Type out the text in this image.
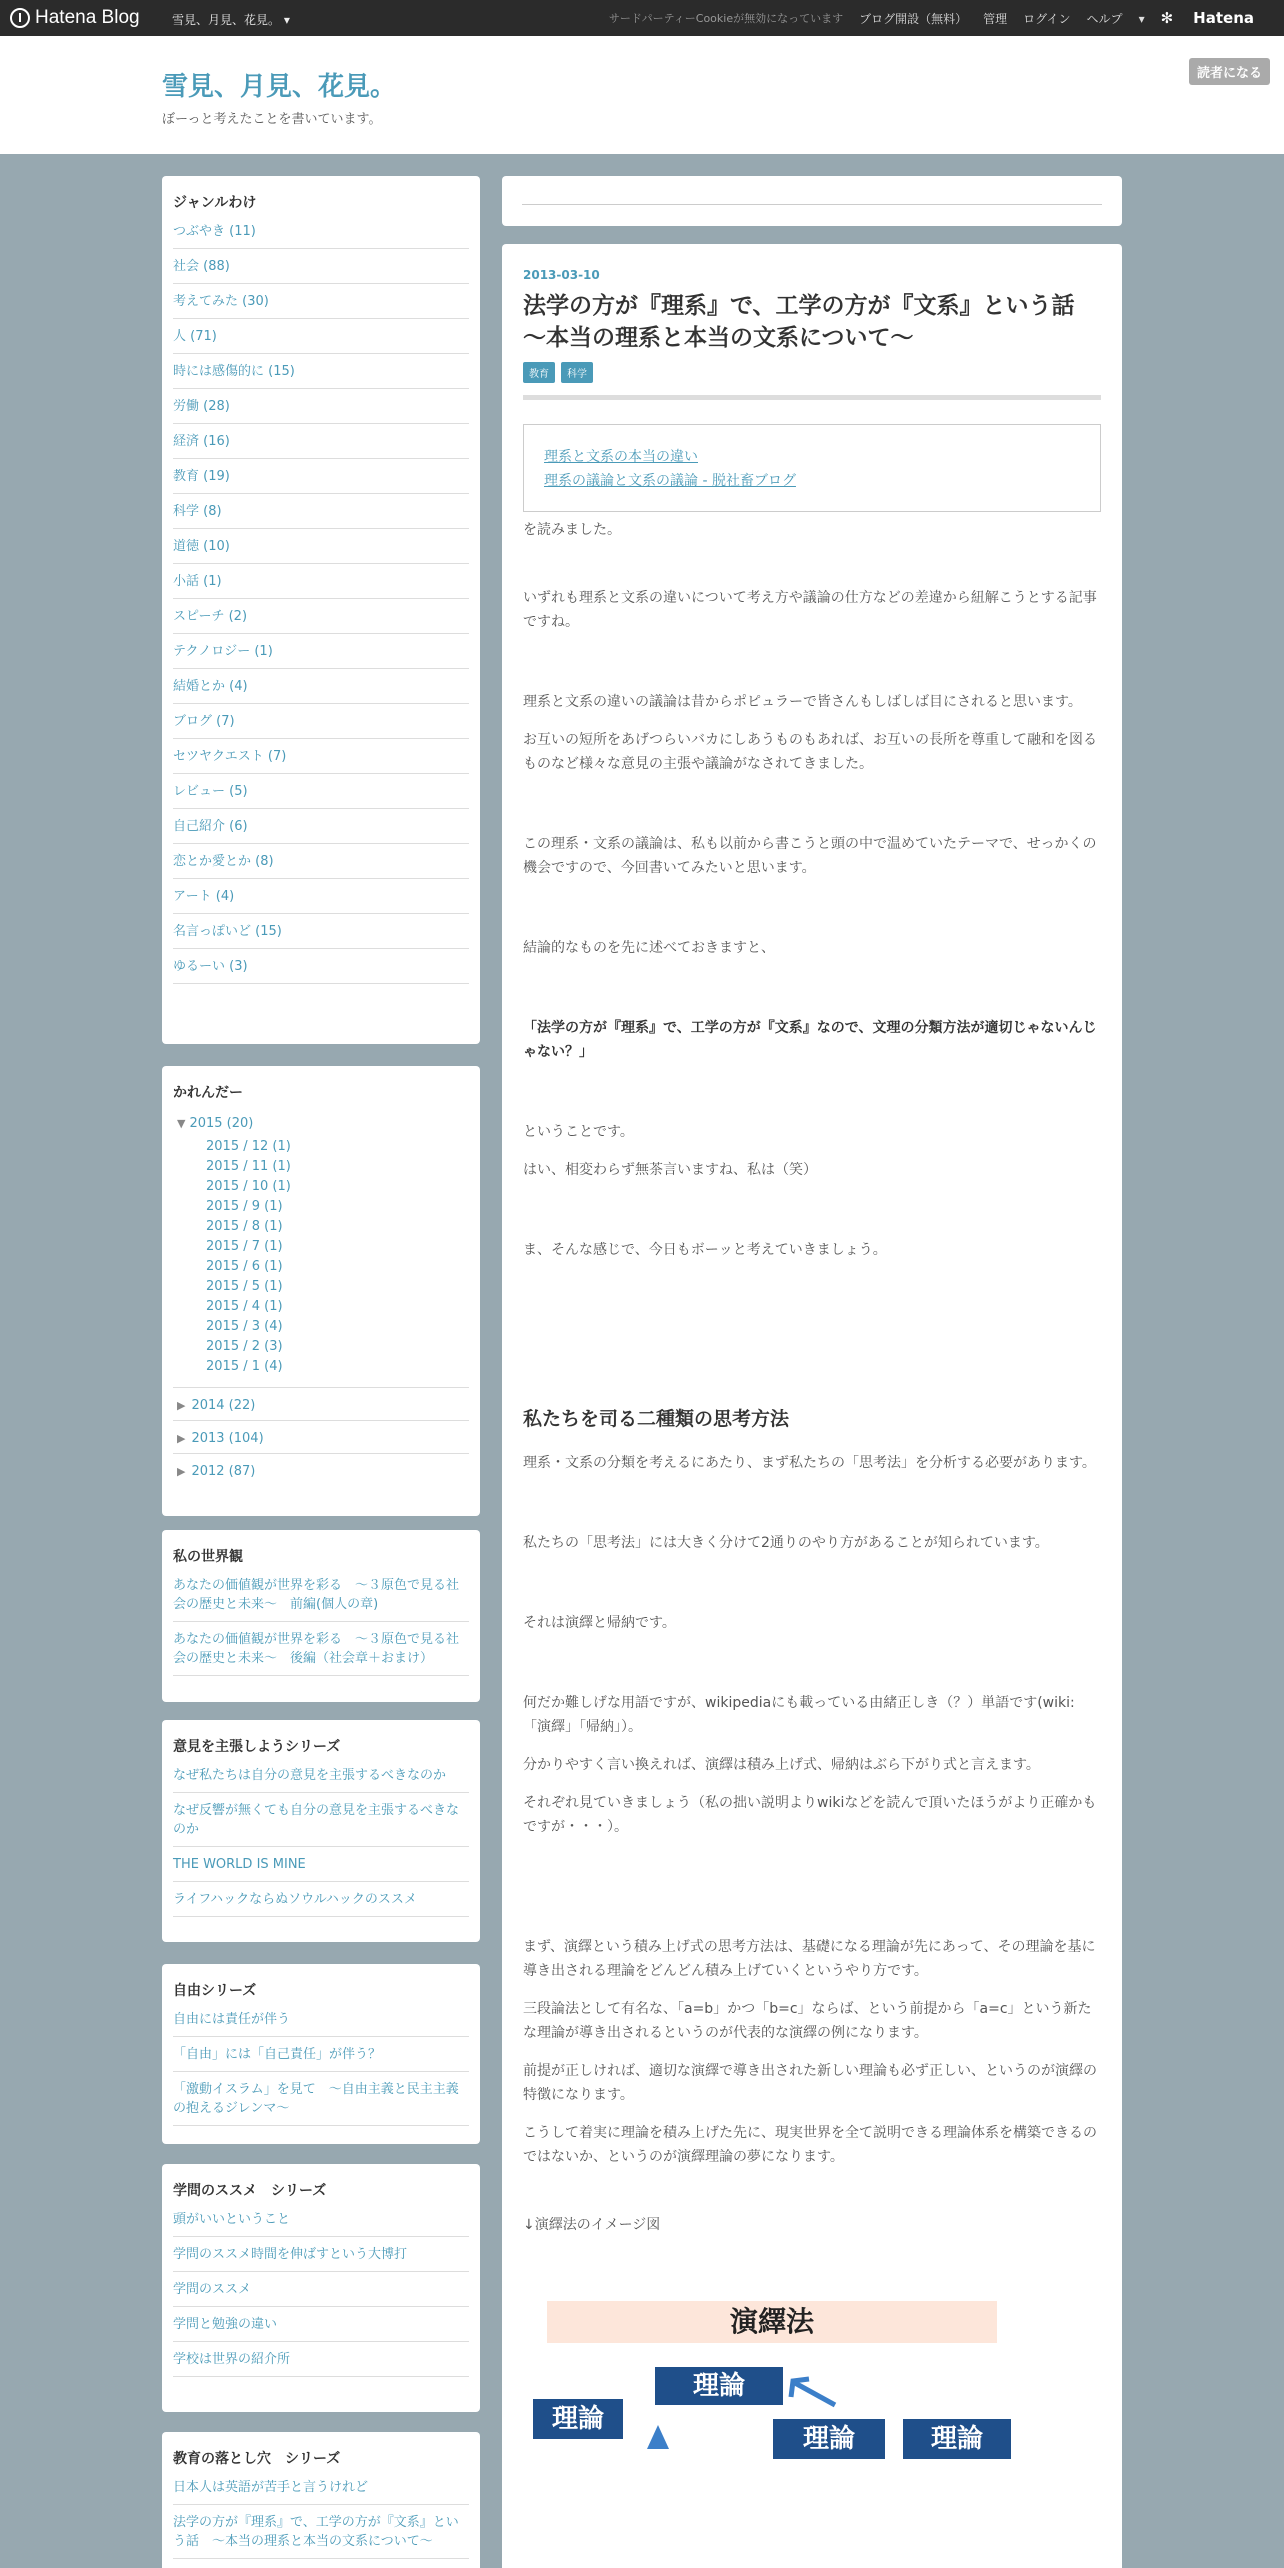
Hatena Blog	雪見、月見、花見。 ▾	サードパーティーCookieが無効になっています ブログ開設（無料） 管理 ログイン ヘルプ ▾ ✻ Hatena
雪見、月見、花見。
ぼーっと考えたことを書いています。
読者になる
ジャンルわけ
つぶやき (11)
社会 (88)
考えてみた (30)
人 (71)
時には感傷的に (15)
労働 (28)
経済 (16)
教育 (19)
科学 (8)
道徳 (10)
小話 (1)
スピーチ (2)
テクノロジー (1)
結婚とか (4)
ブログ (7)
セツヤクエスト (7)
レビュー (5)
自己紹介 (6)
恋とか愛とか (8)
アート (4)
名言っぽいど (15)
ゆるーい (3)
かれんだー
▼ 2015 (20)
2015 / 12 (1)
2015 / 11 (1)
2015 / 10 (1)
2015 / 9 (1)
2015 / 8 (1)
2015 / 7 (1)
2015 / 6 (1)
2015 / 5 (1)
2015 / 4 (1)
2015 / 3 (4)
2015 / 2 (3)
2015 / 1 (4)
▶ 2014 (22)
▶ 2013 (104)
▶ 2012 (87)
私の世界観
あなたの価値観が世界を彩る　～３原色で見る社会の歴史と未来～　前編(個人の章)
あなたの価値観が世界を彩る　～３原色で見る社会の歴史と未来～　後編（社会章＋おまけ）
意見を主張しようシリーズ
なぜ私たちは自分の意見を主張するべきなのか
なぜ反響が無くても自分の意見を主張するべきなのか
THE WORLD IS MINE
ライフハックならぬソウルハックのススメ
自由シリーズ
自由には責任が伴う
「自由」には「自己責任」が伴う？
「激動イスラム」を見て　～自由主義と民主主義の抱えるジレンマ～
学問のススメ　シリーズ
頭がいいということ
学問のススメ時間を伸ばすという大博打
学問のススメ
学問と勉強の違い
学校は世界の紹介所
教育の落とし穴　シリーズ
日本人は英語が苦手と言うけれど
法学の方が『理系』で、工学の方が『文系』という話　～本当の理系と本当の文系について～
2013-03-10
法学の方が『理系』で、工学の方が『文系』という話　～本当の理系と本当の文系について～
教育	科学
理系と文系の本当の違い
理系の議論と文系の議論 - 脱社畜ブログ

を読みました。

いずれも理系と文系の違いについて考え方や議論の仕方などの差違から紐解こうとする記事ですね。

理系と文系の違いの議論は昔からポピュラーで皆さんもしばしば目にされると思います。

お互いの短所をあげつらいバカにしあうものもあれば、お互いの長所を尊重して融和を図るものなど様々な意見の主張や議論がなされてきました。

この理系・文系の議論は、私も以前から書こうと頭の中で温めていたテーマで、せっかくの機会ですので、今回書いてみたいと思います。

結論的なものを先に述べておきますと、

「法学の方が『理系』で、工学の方が『文系』なので、文理の分類方法が適切じゃないんじゃない？」

ということです。

はい、相変わらず無茶言いますね、私は（笑）

ま、そんな感じで、今日もボーッと考えていきましょう。

私たちを司る二種類の思考方法

理系・文系の分類を考えるにあたり、まず私たちの「思考法」を分析する必要があります。

私たちの「思考法」には大きく分けて2通りのやり方があることが知られています。

それは演繹と帰納です。

何だか難しげな用語ですが、wikipediaにも載っている由緒正しき（？）単語です(wiki:「演繹」「帰納」）。

分かりやすく言い換えれば、演繹は積み上げ式、帰納はぶら下がり式と言えます。

それぞれ見ていきましょう（私の拙い説明よりwikiなどを読んで頂いたほうがより正確かもですが・・・）。

まず、演繹という積み上げ式の思考方法は、基礎になる理論が先にあって、その理論を基に導き出される理論をどんどん積み上げていくというやり方です。

三段論法として有名な、「a=b」かつ「b=c」ならば、という前提から「a=c」という新たな理論が導き出されるというのが代表的な演繹の例になります。

前提が正しければ、適切な演繹で導き出された新しい理論も必ず正しい、というのが演繹の特徴になります。

こうして着実に理論を積み上げた先に、現実世界を全て説明できる理論体系を構築できるのではないか、というのが演繹理論の夢になります。

↓演繹法のイメージ図

演繹法
理論
理論
理論	理論
